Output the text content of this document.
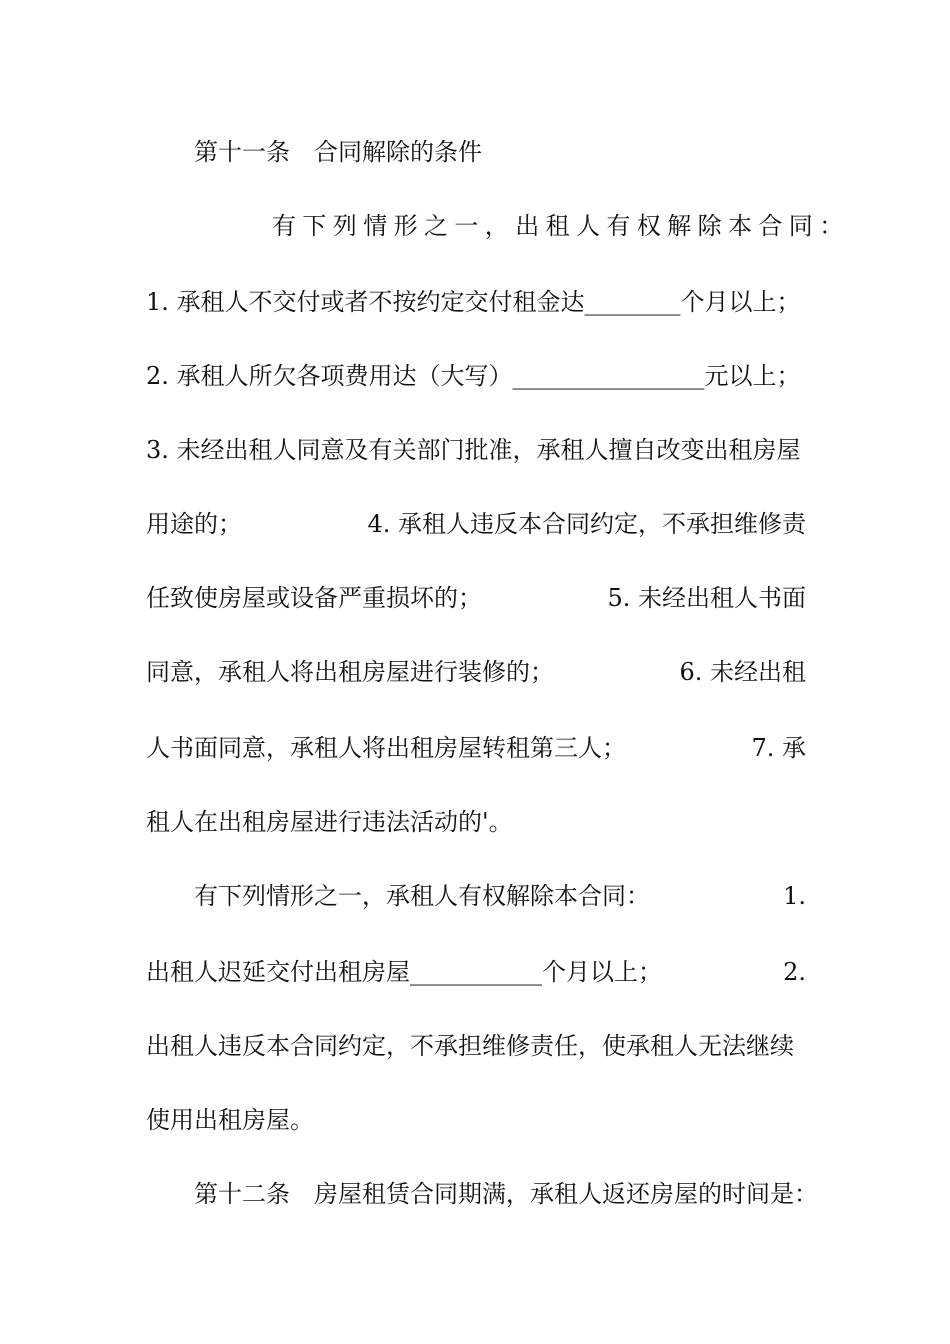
第十一条　合同解除的条件
有下列情形之一，出租人有权解除本合同：
1. 承租人不交付或者不按约定交付租金达________个月以上；
2. 承租人所欠各项费用达（大写）________________元以上；
3. 未经出租人同意及有关部门批准，承租人擅自改变出租房屋
用途的；	4. 承租人违反本合同约定，不承担维修责
任致使房屋或设备严重损坏的；	5. 未经出租人书面
同意，承租人将出租房屋进行装修的；	6. 未经出租
人书面同意，承租人将出租房屋转租第三人；	7. 承
租人在出租房屋进行违法活动的'。
有下列情形之一，承租人有权解除本合同：	1.
出租人迟延交付出租房屋___________个月以上；	2.
出租人违反本合同约定，不承担维修责任，使承租人无法继续
使用出租房屋。
第十二条　房屋租赁合同期满，承租人返还房屋的时间是：
